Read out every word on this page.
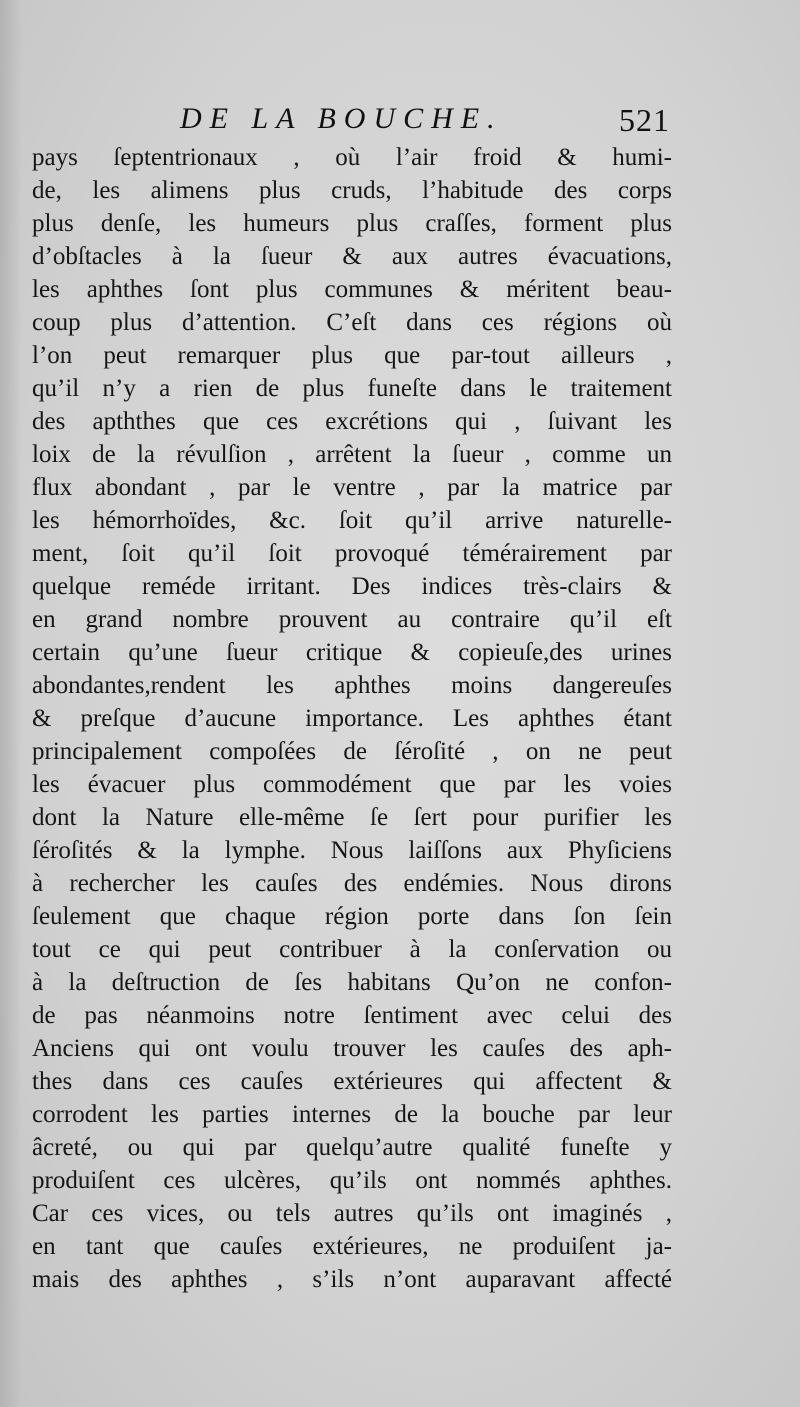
DE LA BOUCHE.	521
pays ſeptentrionaux , où l’air froid & humi-
de, les alimens plus cruds, l’habitude des corps
plus denſe, les humeurs plus craſſes, forment plus
d’obſtacles à la ſueur & aux autres évacuations,
les aphthes ſont plus communes & méritent beau-
coup plus d’attention. C’eſt dans ces régions où
l’on peut remarquer plus que par-tout ailleurs ,
qu’il n’y a rien de plus funeſte dans le traitement
des apththes que ces excrétions qui , ſuivant les
loix de la révulſion , arrêtent la ſueur , comme un
flux abondant , par le ventre , par la matrice par
les hémorrhoïdes, &c. ſoit qu’il arrive naturelle-
ment, ſoit qu’il ſoit provoqué témérairement par
quelque reméde irritant. Des indices très-clairs &
en grand nombre prouvent au contraire qu’il eſt
certain qu’une ſueur critique & copieuſe,des urines
abondantes,rendent les aphthes moins dangereuſes
& preſque d’aucune importance. Les aphthes étant
principalement compoſées de ſéroſité , on ne peut
les évacuer plus commodément que par les voies
dont la Nature elle-même ſe ſert pour purifier les
ſéroſités & la lymphe. Nous laiſſons aux Phyſiciens
à rechercher les cauſes des endémies. Nous dirons
ſeulement que chaque région porte dans ſon ſein
tout ce qui peut contribuer à la conſervation ou
à la deſtruction de ſes habitans Qu’on ne confon-
de pas néanmoins notre ſentiment avec celui des
Anciens qui ont voulu trouver les cauſes des aph-
thes dans ces cauſes extérieures qui affectent &
corrodent les parties internes de la bouche par leur
âcreté, ou qui par quelqu’autre qualité funeſte y
produiſent ces ulcères, qu’ils ont nommés aphthes.
Car ces vices, ou tels autres qu’ils ont imaginés ,
en tant que cauſes extérieures, ne produiſent ja-
mais des aphthes , s’ils n’ont auparavant affecté
